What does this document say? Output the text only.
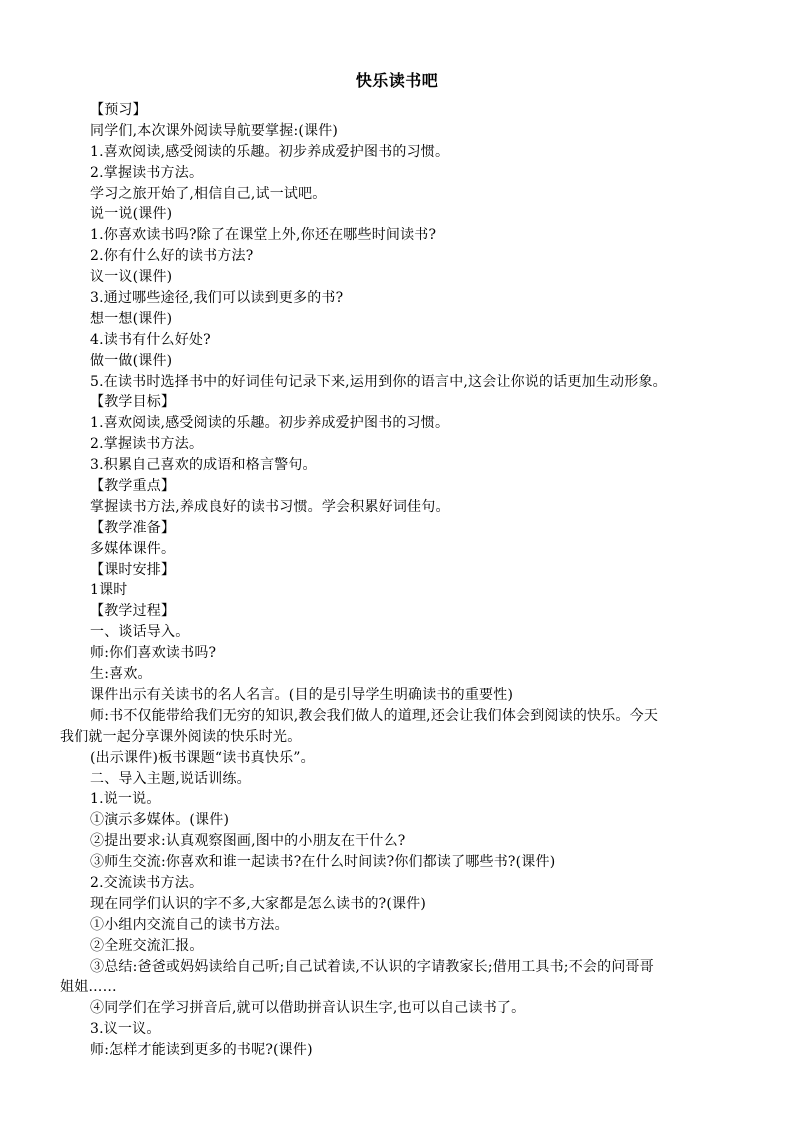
快乐读书吧
【预习】
同学们,本次课外阅读导航要掌握:(课件)
1.喜欢阅读,感受阅读的乐趣。初步养成爱护图书的习惯。
2.掌握读书方法。
学习之旅开始了,相信自己,试一试吧。
说一说(课件)
1.你喜欢读书吗?除了在课堂上外,你还在哪些时间读书?
2.你有什么好的读书方法?
议一议(课件)
3.通过哪些途径,我们可以读到更多的书?
想一想(课件)
4.读书有什么好处?
做一做(课件)
5.在读书时选择书中的好词佳句记录下来,运用到你的语言中,这会让你说的话更加生动形象。
【教学目标】
1.喜欢阅读,感受阅读的乐趣。初步养成爱护图书的习惯。
2.掌握读书方法。
3.积累自己喜欢的成语和格言警句。
【教学重点】
掌握读书方法,养成良好的读书习惯。学会积累好词佳句。
【教学准备】
多媒体课件。
【课时安排】
1课时
【教学过程】
一、谈话导入。
师:你们喜欢读书吗?
生:喜欢。
课件出示有关读书的名人名言。(目的是引导学生明确读书的重要性)
师:书不仅能带给我们无穷的知识,教会我们做人的道理,还会让我们体会到阅读的快乐。今天
我们就一起分享课外阅读的快乐时光。
(出示课件)板书课题“读书真快乐”。
二、导入主题,说话训练。
1.说一说。
①演示多媒体。(课件)
②提出要求:认真观察图画,图中的小朋友在干什么?
③师生交流:你喜欢和谁一起读书?在什么时间读?你们都读了哪些书?(课件)
2.交流读书方法。
现在同学们认识的字不多,大家都是怎么读书的?(课件)
①小组内交流自己的读书方法。
②全班交流汇报。
③总结:爸爸或妈妈读给自己听;自己试着读,不认识的字请教家长;借用工具书;不会的问哥哥
姐姐……
④同学们在学习拼音后,就可以借助拼音认识生字,也可以自己读书了。
3.议一议。
师:怎样才能读到更多的书呢?(课件)
